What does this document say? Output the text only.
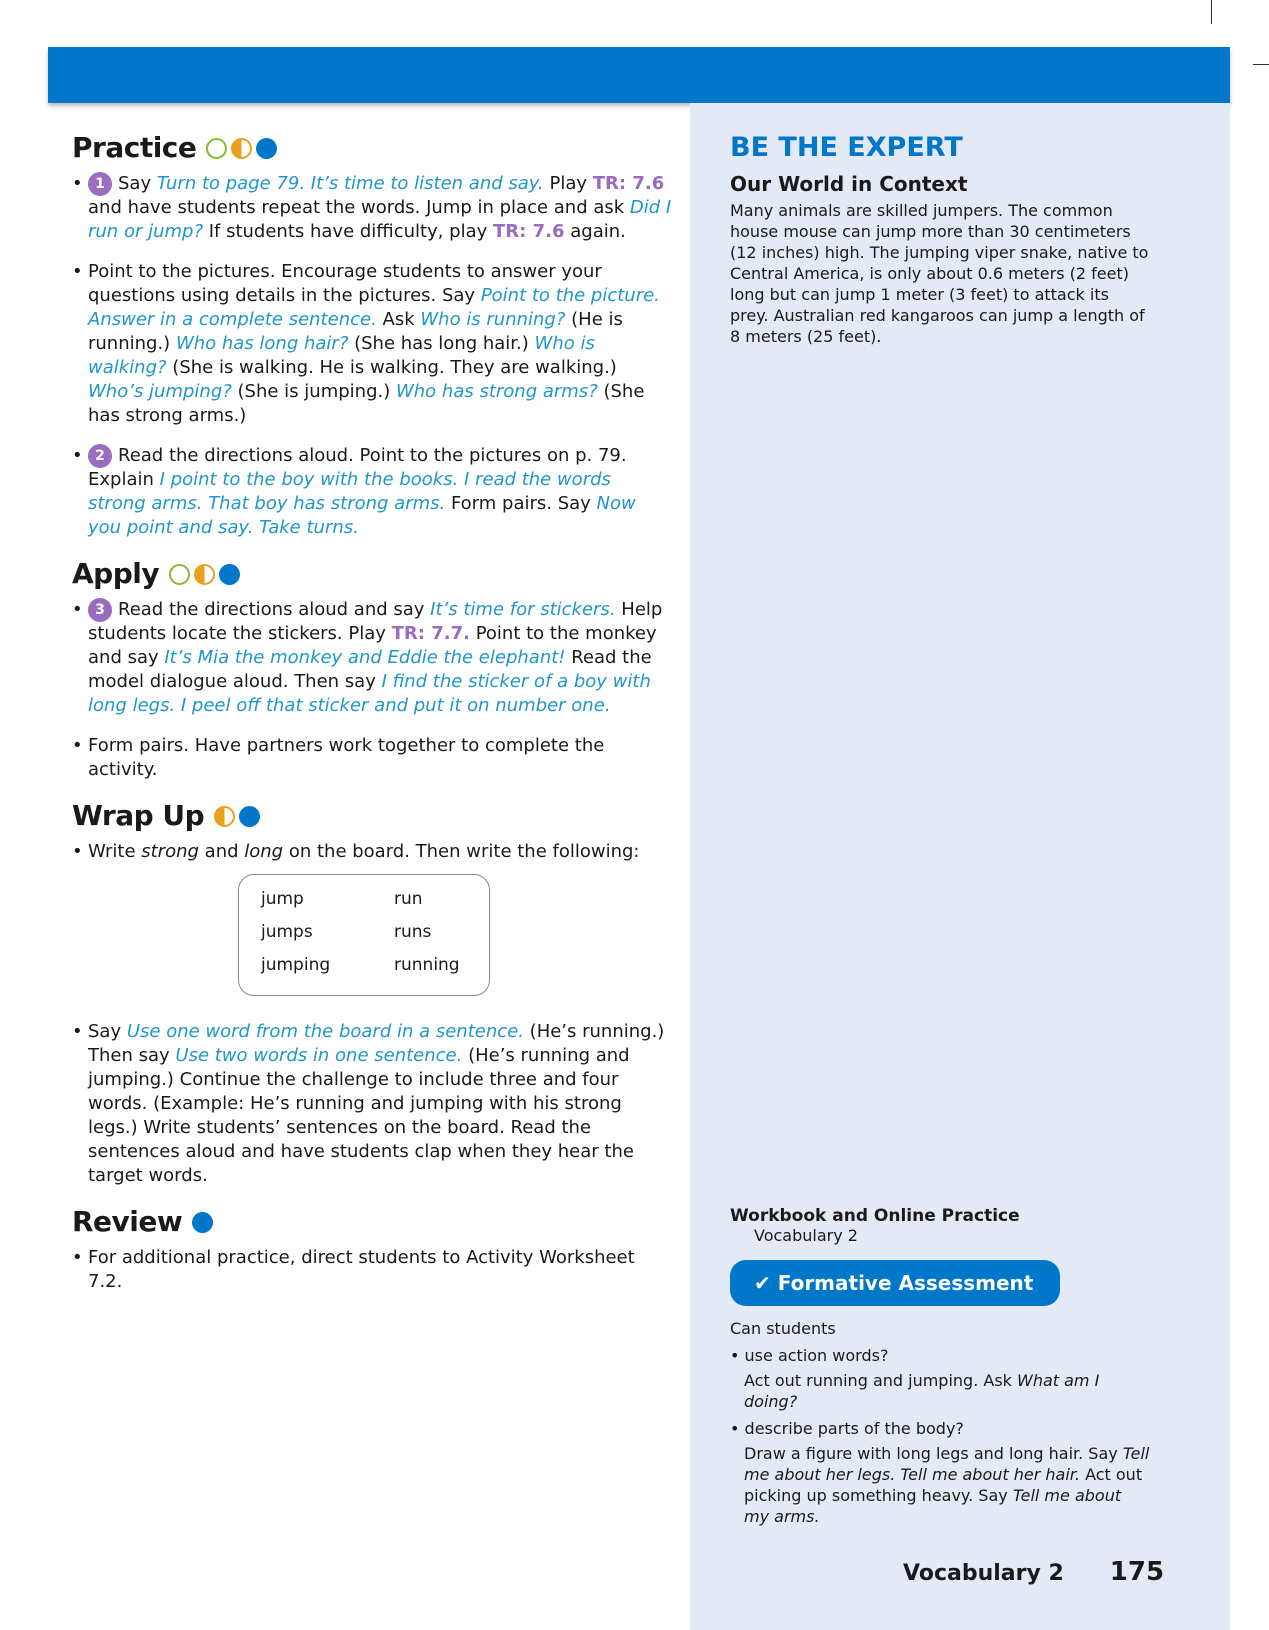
Practice
• 1 Say Turn to page 79. It’s time to listen and say. Play TR: 7.6 and have students repeat the words. Jump in place and ask Did I run or jump? If students have difficulty, play TR: 7.6 again.
• Point to the pictures. Encourage students to answer your questions using details in the pictures. Say Point to the picture. Answer in a complete sentence. Ask Who is running? (He is running.) Who has long hair? (She has long hair.) Who is walking? (She is walking. He is walking. They are walking.) Who’s jumping? (She is jumping.) Who has strong arms? (She has strong arms.)
• 2 Read the directions aloud. Point to the pictures on p. 79. Explain I point to the boy with the books. I read the words strong arms. That boy has strong arms. Form pairs. Say Now you point and say. Take turns.
Apply
• 3 Read the directions aloud and say It’s time for stickers. Help students locate the stickers. Play TR: 7.7. Point to the monkey and say It’s Mia the monkey and Eddie the elephant! Read the model dialogue aloud. Then say I find the sticker of a boy with long legs. I peel off that sticker and put it on number one.
• Form pairs. Have partners work together to complete the activity.
Wrap Up
• Write strong and long on the board. Then write the following:
jump	run
jumps	runs
jumping	running
• Say Use one word from the board in a sentence. (He’s running.) Then say Use two words in one sentence. (He’s running and jumping.) Continue the challenge to include three and four words. (Example: He’s running and jumping with his strong legs.) Write students’ sentences on the board. Read the sentences aloud and have students clap when they hear the target words.
Review
• For additional practice, direct students to Activity Worksheet 7.2.

BE THE EXPERT

Our World in Context

Many animals are skilled jumpers. The common house mouse can jump more than 30 centimeters (12 inches) high. The jumping viper snake, native to Central America, is only about 0.6 meters (2 feet) long but can jump 1 meter (3 feet) to attack its prey. Australian red kangaroos can jump a length of 8 meters (25 feet).

Workbook and Online Practice
Vocabulary 2
✔ Formative Assessment
Can students
• use action words?
Act out running and jumping. Ask What am I doing?
• describe parts of the body?
Draw a figure with long legs and long hair. Say Tell me about her legs. Tell me about her hair. Act out picking up something heavy. Say Tell me about my arms.
Vocabulary 2 175
